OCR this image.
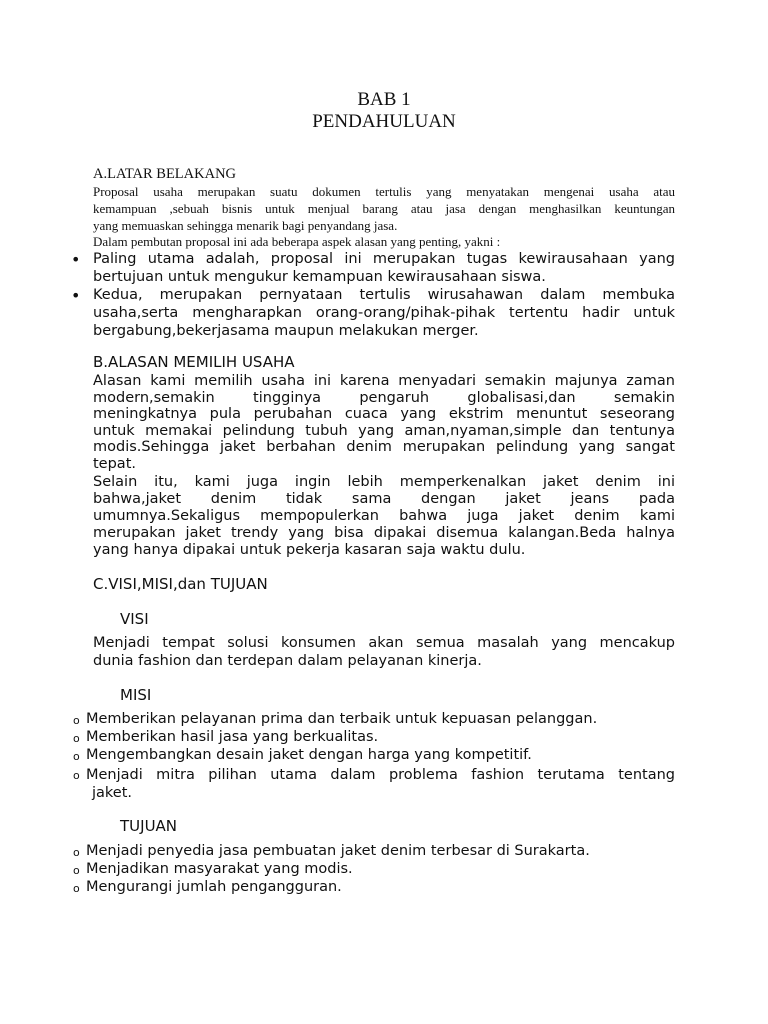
BAB 1
PENDAHULUAN
A.LATAR BELAKANG
Proposal usaha merupakan suatu dokumen tertulis yang menyatakan mengenai usaha atau
kemampuan ,sebuah bisnis untuk menjual barang atau jasa dengan menghasilkan keuntungan
yang memuaskan sehingga menarik bagi penyandang jasa.
Dalam pembutan proposal ini ada beberapa aspek alasan yang penting, yakni :
• Paling utama adalah, proposal ini merupakan tugas kewirausahaan yang
bertujuan untuk mengukur kemampuan kewirausahaan siswa.
• Kedua, merupakan pernyataan tertulis wirusahawan dalam membuka
usaha,serta mengharapkan orang-orang/pihak-pihak tertentu hadir untuk
bergabung,bekerjasama maupun melakukan merger.
B.ALASAN MEMILIH USAHA
Alasan kami memilih usaha ini karena menyadari semakin majunya zaman
modern,semakin tingginya pengaruh globalisasi,dan semakin
meningkatnya pula perubahan cuaca yang ekstrim menuntut seseorang
untuk memakai pelindung tubuh yang aman,nyaman,simple dan tentunya
modis.Sehingga jaket berbahan denim merupakan pelindung yang sangat
tepat.
Selain itu, kami juga ingin lebih memperkenalkan jaket denim ini
bahwa,jaket denim tidak sama dengan jaket jeans pada
umumnya.Sekaligus mempopulerkan bahwa juga jaket denim kami
merupakan jaket trendy yang bisa dipakai disemua kalangan.Beda halnya
yang hanya dipakai untuk pekerja kasaran saja waktu dulu.
C.VISI,MISI,dan TUJUAN
VISI
Menjadi tempat solusi konsumen akan semua masalah yang mencakup
dunia fashion dan terdepan dalam pelayanan kinerja.
MISI
o Memberikan pelayanan prima dan terbaik untuk kepuasan pelanggan.
o Memberikan hasil jasa yang berkualitas.
o Mengembangkan desain jaket dengan harga yang kompetitif.
o Menjadi mitra pilihan utama dalam problema fashion terutama tentang
jaket.
TUJUAN
o Menjadi penyedia jasa pembuatan jaket denim terbesar di Surakarta.
o Menjadikan masyarakat yang modis.
o Mengurangi jumlah pengangguran.
